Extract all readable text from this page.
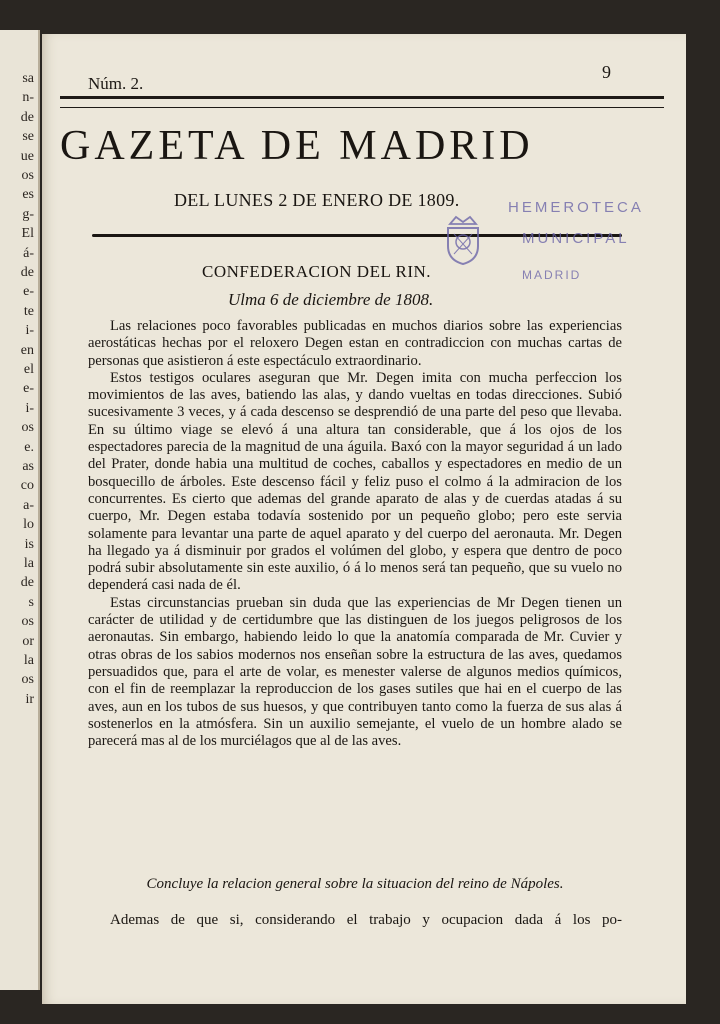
sa
n-
de
se
ue
os
es
g-
El
á-
de
e-
te
i-
en
el
e-
i-
os
e.
as
co
a-
lo
is
la
de
s
os
or
la
os
ir
Núm. 2.
9
GAZETA DE MADRID
DEL LUNES 2 DE ENERO DE 1809.	HEMEROTECA
MUNICIPAL
MADRID
CONFEDERACION DEL RIN.
Ulma 6 de diciembre de 1808.

Las relaciones poco favorables publicadas en muchos diarios sobre las experiencias aerostáticas hechas por el reloxero Degen estan en contradiccion con muchas cartas de personas que asistieron á este espectáculo extraordinario.

Estos testigos oculares aseguran que Mr. Degen imita con mucha perfeccion los movimientos de las aves, batiendo las alas, y dando vueltas en todas direcciones. Subió sucesivamente 3 veces, y á cada descenso se desprendió de una parte del peso que llevaba. En su último viage se elevó á una altura tan considerable, que á los ojos de los espectadores parecia de la magnitud de una águila. Baxó con la mayor seguridad á un lado del Prater, donde habia una multitud de coches, caballos y espectadores en medio de un bosquecillo de árboles. Este descenso fácil y feliz puso el colmo á la admiracion de los concurrentes. Es cierto que ademas del grande aparato de alas y de cuerdas atadas á su cuerpo, Mr. Degen estaba todavía sostenido por un pequeño globo; pero este servia solamente para levantar una parte de aquel aparato y del cuerpo del aeronauta. Mr. Degen ha llegado ya á disminuir por grados el volúmen del globo, y espera que dentro de poco podrá subir absolutamente sin este auxilio, ó á lo menos será tan pequeño, que su vuelo no dependerá casi nada de él.

Estas circunstancias prueban sin duda que las experiencias de Mr Degen tienen un carácter de utilidad y de certidumbre que las distinguen de los juegos peligrosos de los aeronautas. Sin embargo, habiendo leido lo que la anatomía comparada de Mr. Cuvier y otras obras de los sabios modernos nos enseñan sobre la estructura de las aves, quedamos persuadidos que, para el arte de volar, es menester valerse de algunos medios químicos, con el fin de reemplazar la reproduccion de los gases sutiles que hai en el cuerpo de las aves, aun en los tubos de sus huesos, y que contribuyen tanto como la fuerza de sus alas á sostenerlos en la atmósfera. Sin un auxilio semejante, el vuelo de un hombre alado se parecerá mas al de los murciélagos que al de las aves.

Concluye la relacion general sobre la situacion del reino de Nápoles.
Ademas de que si, considerando el trabajo y ocupacion dada á los po-
